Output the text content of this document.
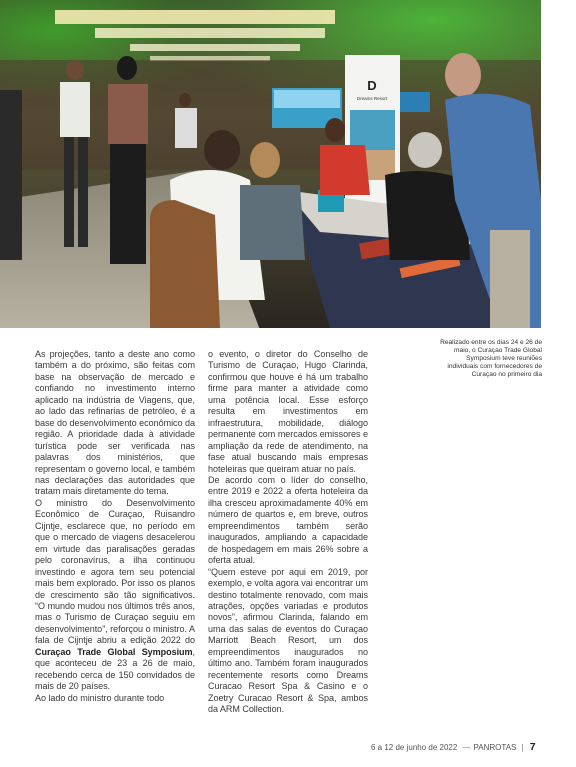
D
Dreams Resort
Realizado entre os dias 24 e 26 de maio, o Curaçao Trade Global Symposium teve reuniões individuais com fornecedores de Curaçao no primeiro dia

As projeções, tanto a deste ano como também a do próximo, são feitas com base na observação de mercado e confiando no investimento interno aplicado na indústria de Viagens, que, ao lado das refinarias de petróleo, é a base do desenvolvimento econômico da região. A prioridade dada à atividade turística pode ser verificada nas palavras dos ministérios, que representam o governo local, e também nas declarações das autoridades que tratam mais diretamente do tema.

O ministro do Desenvolvimento Econômico de Curaçao, Ruisandro Cijntje, esclarece que, no período em que o mercado de viagens desacelerou em virtude das paralisações geradas pelo coronavírus, a ilha continuou investindo e agora tem seu potencial mais bem explorado. Por isso os planos de crescimento são tão significativos. “O mundo mudou nos últimos três anos, mas o Turismo de Curaçao seguiu em desenvolvimento”, reforçou o ministro. A fala de Cijntje abriu a edição 2022 do Curaçao Trade Global Symposium, que aconteceu de 23 a 26 de maio, recebendo cerca de 150 convidados de mais de 20 países.

Ao lado do ministro durante todo

o evento, o diretor do Conselho de Turismo de Curaçao, Hugo Clarinda, confirmou que houve é há um trabalho firme para manter a atividade como uma potência local. Esse esforço resulta em investimentos em infraestrutura, mobilidade, diálogo permanente com mercados emissores e ampliação da rede de atendimento, na fase atual buscando mais empresas hoteleiras que queiram atuar no país.

De acordo com o líder do conselho, entre 2019 e 2022 a oferta hoteleira da ilha cresceu aproximadamente 40% em número de quartos e, em breve, outros empreendimentos também serão inaugurados, ampliando a capacidade de hospedagem em mais 26% sobre a oferta atual.

“Quem esteve por aqui em 2019, por exemplo, e volta agora vai encontrar um destino totalmente renovado, com mais atrações, opções variadas e produtos novos”, afirmou Clarinda, falando em uma das salas de eventos do Curaçao Marriott Beach Resort, um dos empreendimentos inaugurados no último ano. Também foram inaugurados recentemente resorts como Dreams Curacao Resort Spa & Casino e o Zoetry Curacao Resort & Spa, ambos da ARM Collection.

6 a 12 de junho de 2022 — PANROTAS | 7
